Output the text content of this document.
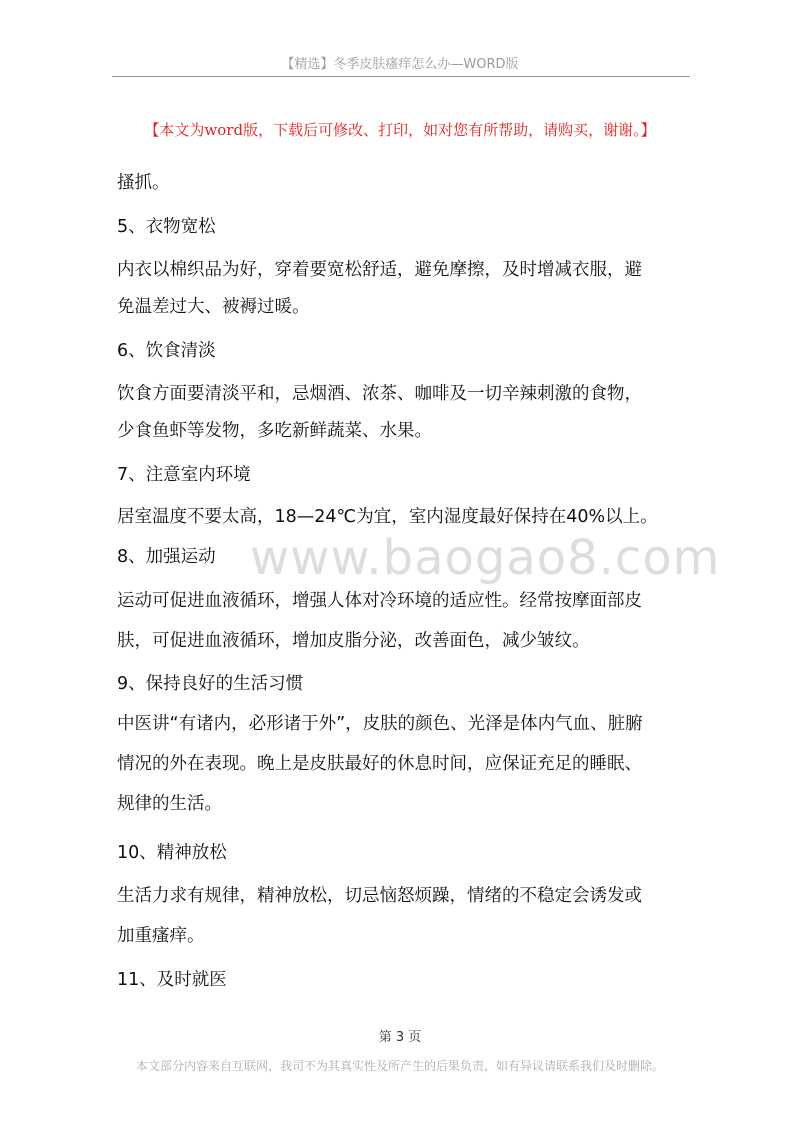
【精选】冬季皮肤瘙痒怎么办—WORD版
【本文为word版，下载后可修改、打印，如对您有所帮助，请购买，谢谢。】
www.baogao8.com
搔抓。
5、衣物宽松
内衣以棉织品为好，穿着要宽松舒适，避免摩擦，及时增减衣服，避
免温差过大、被褥过暖。
6、饮食清淡
饮食方面要清淡平和，忌烟酒、浓茶、咖啡及一切辛辣刺激的食物，
少食鱼虾等发物，多吃新鲜蔬菜、水果。
7、注意室内环境
居室温度不要太高，18—24℃为宜，室内湿度最好保持在40%以上。
8、加强运动
运动可促进血液循环，增强人体对冷环境的适应性。经常按摩面部皮
肤，可促进血液循环，增加皮脂分泌，改善面色，减少皱纹。
9、保持良好的生活习惯
中医讲“有诸内，必形诸于外”，皮肤的颜色、光泽是体内气血、脏腑
情况的外在表现。晚上是皮肤最好的休息时间，应保证充足的睡眠、
规律的生活。
10、精神放松
生活力求有规律，精神放松，切忌恼怒烦躁，情绪的不稳定会诱发或
加重瘙痒。
11、及时就医
第 3 页
本文部分内容来自互联网，我司不为其真实性及所产生的后果负责，如有异议请联系我们及时删除。
